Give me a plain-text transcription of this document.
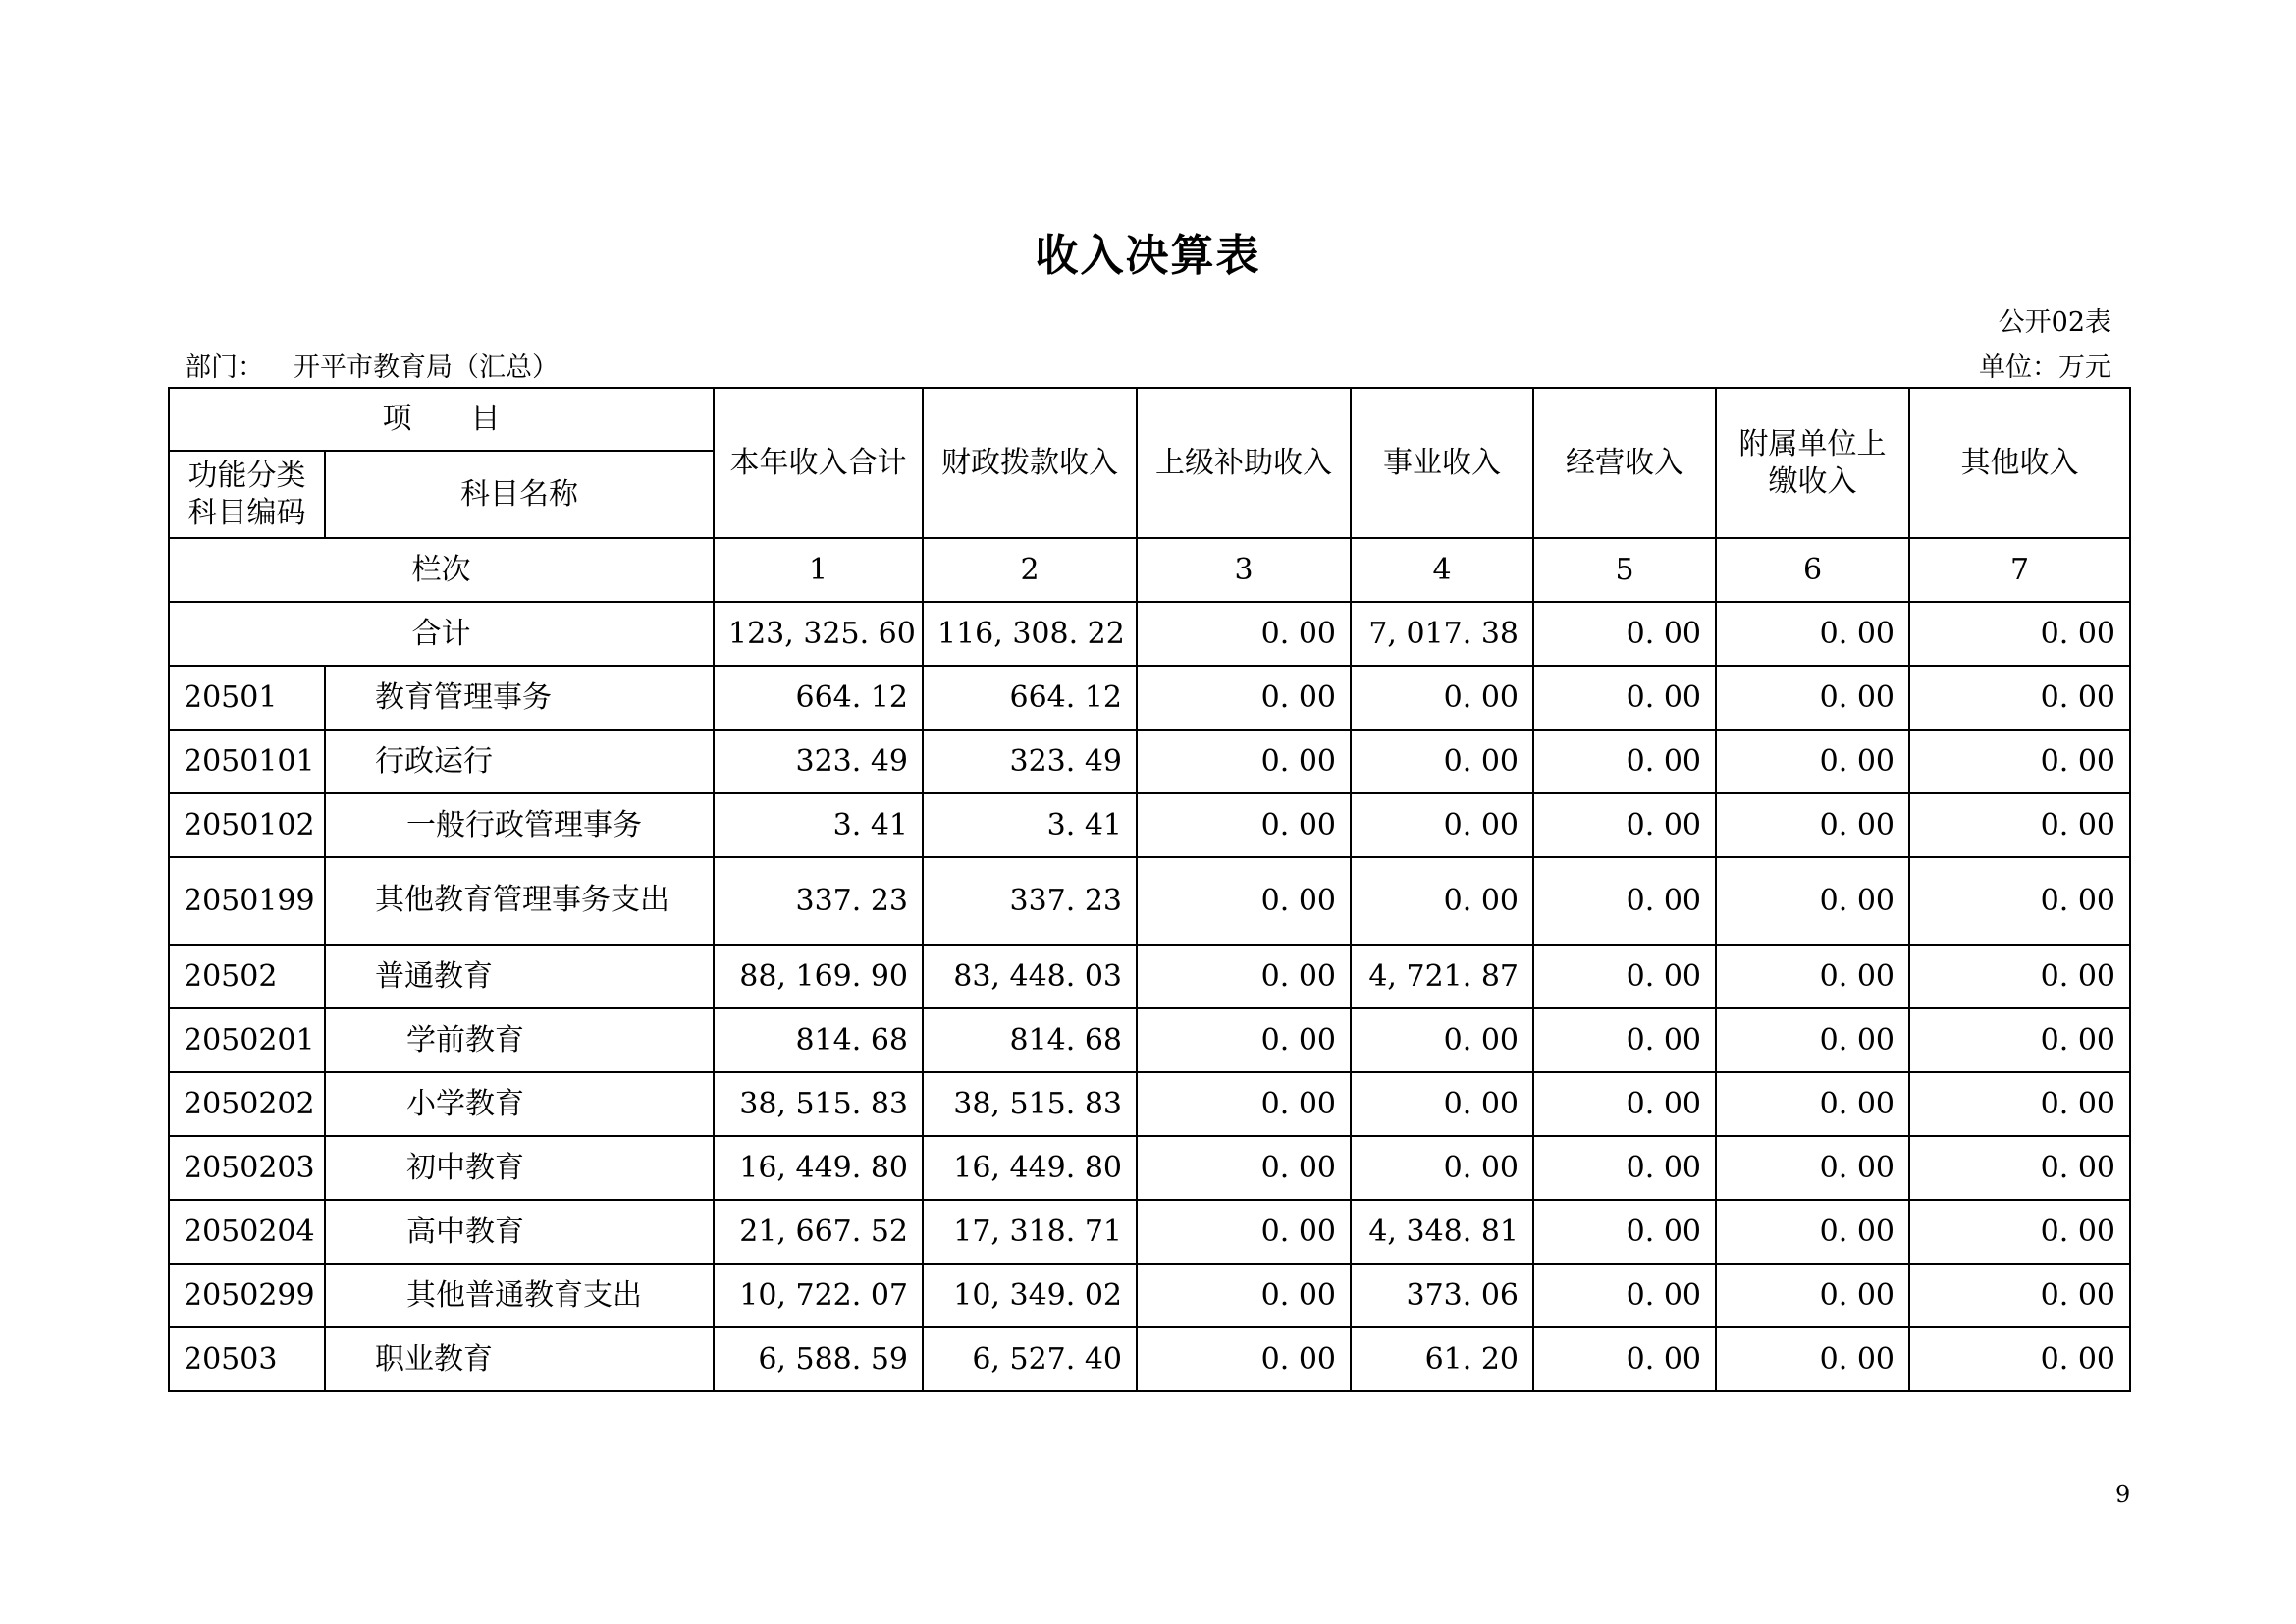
收入决算表
公开02表
部门： 开平市教育局（汇总）	单位：万元
项　　目		本年收入合计	财政拨款收入	上级补助收入	事业收入	经营收入	附属单位上缴收入	其他收入
功能分类科目编码	科目名称							
栏次		1	2	3	4	5	6	7
合计		123, 325. 60	116, 308. 22	0. 00	7, 017. 38	0. 00	0. 00	0. 00
20501	教育管理事务	664. 12	664. 12	0. 00	0. 00	0. 00	0. 00	0. 00
2050101	行政运行	323. 49	323. 49	0. 00	0. 00	0. 00	0. 00	0. 00
2050102	一般行政管理事务	3. 41	3. 41	0. 00	0. 00	0. 00	0. 00	0. 00
2050199	其他教育管理事务支出	337. 23	337. 23	0. 00	0. 00	0. 00	0. 00	0. 00
20502	普通教育	88, 169. 90	83, 448. 03	0. 00	4, 721. 87	0. 00	0. 00	0. 00
2050201	学前教育	814. 68	814. 68	0. 00	0. 00	0. 00	0. 00	0. 00
2050202	小学教育	38, 515. 83	38, 515. 83	0. 00	0. 00	0. 00	0. 00	0. 00
2050203	初中教育	16, 449. 80	16, 449. 80	0. 00	0. 00	0. 00	0. 00	0. 00
2050204	高中教育	21, 667. 52	17, 318. 71	0. 00	4, 348. 81	0. 00	0. 00	0. 00
2050299	其他普通教育支出	10, 722. 07	10, 349. 02	0. 00	373. 06	0. 00	0. 00	0. 00
20503	职业教育	6, 588. 59	6, 527. 40	0. 00	61. 20	0. 00	0. 00	0. 00
9
